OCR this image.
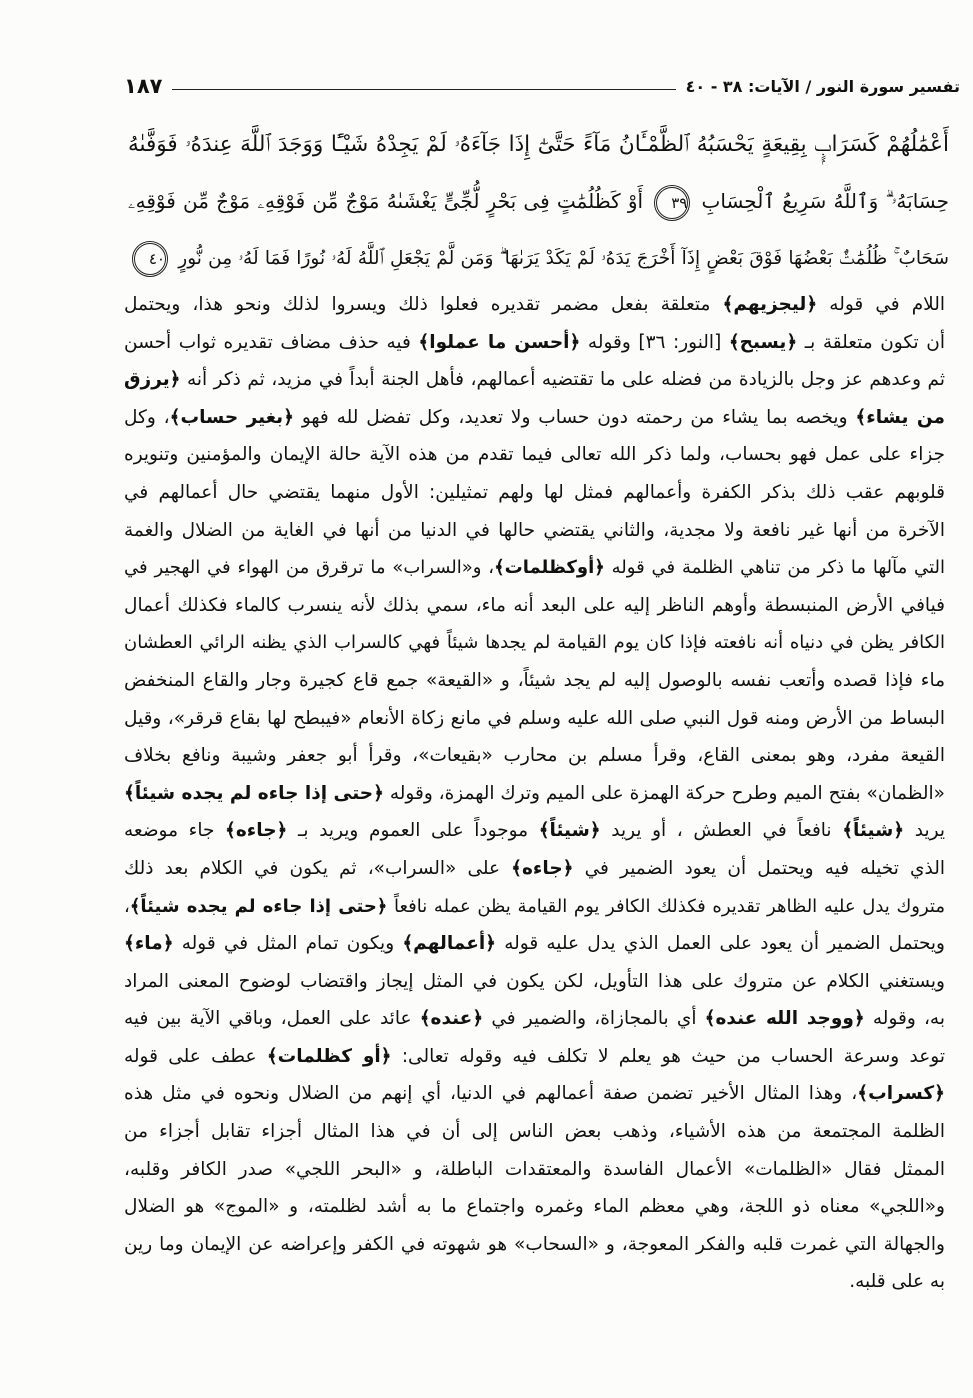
تفسير سورة النور / الآيات: ٣٨ - ٤٠
١٨٧
أَعْمَٰلُهُمْ كَسَرَابٍۭ بِقِيعَةٍ يَحْسَبُهُ ٱلظَّمْـَٔانُ مَآءً حَتَّىٰٓ إِذَا جَآءَهُۥ لَمْ يَجِدْهُ شَيْـًٔا وَوَجَدَ ٱللَّهَ عِندَهُۥ فَوَفَّىٰهُ
حِسَابَهُۥ ۗ وَٱللَّهُ سَرِيعُ ٱلْحِسَابِ ٣٩ أَوْ كَظُلُمَٰتٍ فِى بَحْرٍ لُّجِّىٍّ يَغْشَىٰهُ مَوْجٌ مِّن فَوْقِهِۦ مَوْجٌ مِّن فَوْقِهِۦ
سَحَابٌ ۚ ظُلُمَٰتٌۢ بَعْضُهَا فَوْقَ بَعْضٍ إِذَآ أَخْرَجَ يَدَهُۥ لَمْ يَكَدْ يَرَىٰهَا ۗ وَمَن لَّمْ يَجْعَلِ ٱللَّهُ لَهُۥ نُورًا فَمَا لَهُۥ مِن نُّورٍ ٤٠
اللام في قوله ﴿ليجزيهم﴾ متعلقة بفعل مضمر تقديره فعلوا ذلك ويسروا لذلك ونحو هذا، ويحتمل
أن تكون متعلقة بـ ﴿يسبح﴾ [النور: ٣٦] وقوله ﴿أحسن ما عملوا﴾ فيه حذف مضاف تقديره ثواب أحسن
ثم وعدهم عز وجل بالزيادة من فضله على ما تقتضيه أعمالهم، فأهل الجنة أبداً في مزيد، ثم ذكر أنه ﴿يرزق
من يشاء﴾ ويخصه بما يشاء من رحمته دون حساب ولا تعديد، وكل تفضل لله فهو ﴿بغير حساب﴾، وكل
جزاء على عمل فهو بحساب، ولما ذكر الله تعالى فيما تقدم من هذه الآية حالة الإيمان والمؤمنين وتنويره
قلوبهم عقب ذلك بذكر الكفرة وأعمالهم فمثل لها ولهم تمثيلين: الأول منهما يقتضي حال أعمالهم في
الآخرة من أنها غير نافعة ولا مجدية، والثاني يقتضي حالها في الدنيا من أنها في الغاية من الضلال والغمة
التي مآلها ما ذكر من تناهي الظلمة في قوله ﴿أوكظلمات﴾، و«السراب» ما ترقرق من الهواء في الهجير في
فيافي الأرض المنبسطة وأوهم الناظر إليه على البعد أنه ماء، سمي بذلك لأنه ينسرب كالماء فكذلك أعمال
الكافر يظن في دنياه أنه نافعته فإذا كان يوم القيامة لم يجدها شيئاً فهي كالسراب الذي يظنه الرائي العطشان
ماء فإذا قصده وأتعب نفسه بالوصول إليه لم يجد شيئاً، و «القيعة» جمع قاع كجيرة وجار والقاع المنخفض
البساط من الأرض ومنه قول النبي صلى الله عليه وسلم في مانع زكاة الأنعام «فيبطح لها بقاع قرقر»، وقيل
القيعة مفرد، وهو بمعنى القاع، وقرأ مسلم بن محارب «بقيعات»، وقرأ أبو جعفر وشيبة ونافع بخلاف
«الظمان» بفتح الميم وطرح حركة الهمزة على الميم وترك الهمزة، وقوله ﴿حتى إذا جاءه لم يجده شيئاً﴾
يريد ﴿شيئاً﴾ نافعاً في العطش ، أو يريد ﴿شيئاً﴾ موجوداً على العموم ويريد بـ ﴿جاءه﴾ جاء موضعه
الذي تخيله فيه ويحتمل أن يعود الضمير في ﴿جاءه﴾ على «السراب»، ثم يكون في الكلام بعد ذلك
متروك يدل عليه الظاهر تقديره فكذلك الكافر يوم القيامة يظن عمله نافعاً ﴿حتى إذا جاءه لم يجده شيئاً﴾،
ويحتمل الضمير أن يعود على العمل الذي يدل عليه قوله ﴿أعمالهم﴾ ويكون تمام المثل في قوله ﴿ماء﴾
ويستغني الكلام عن متروك على هذا التأويل، لكن يكون في المثل إيجاز واقتضاب لوضوح المعنى المراد
به، وقوله ﴿ووجد الله عنده﴾ أي بالمجازاة، والضمير في ﴿عنده﴾ عائد على العمل، وباقي الآية بين فيه
توعد وسرعة الحساب من حيث هو يعلم لا تكلف فيه وقوله تعالى: ﴿أو كظلمات﴾ عطف على قوله
﴿كسراب﴾، وهذا المثال الأخير تضمن صفة أعمالهم في الدنيا، أي إنهم من الضلال ونحوه في مثل هذه
الظلمة المجتمعة من هذه الأشياء، وذهب بعض الناس إلى أن في هذا المثال أجزاء تقابل أجزاء من
الممثل فقال «الظلمات» الأعمال الفاسدة والمعتقدات الباطلة، و «البحر اللجي» صدر الكافر وقلبه،
و«اللجي» معناه ذو اللجة، وهي معظم الماء وغمره واجتماع ما به أشد لظلمته، و «الموج» هو الضلال
والجهالة التي غمرت قلبه والفكر المعوجة، و «السحاب» هو شهوته في الكفر وإعراضه عن الإيمان وما رين
به على قلبه.
